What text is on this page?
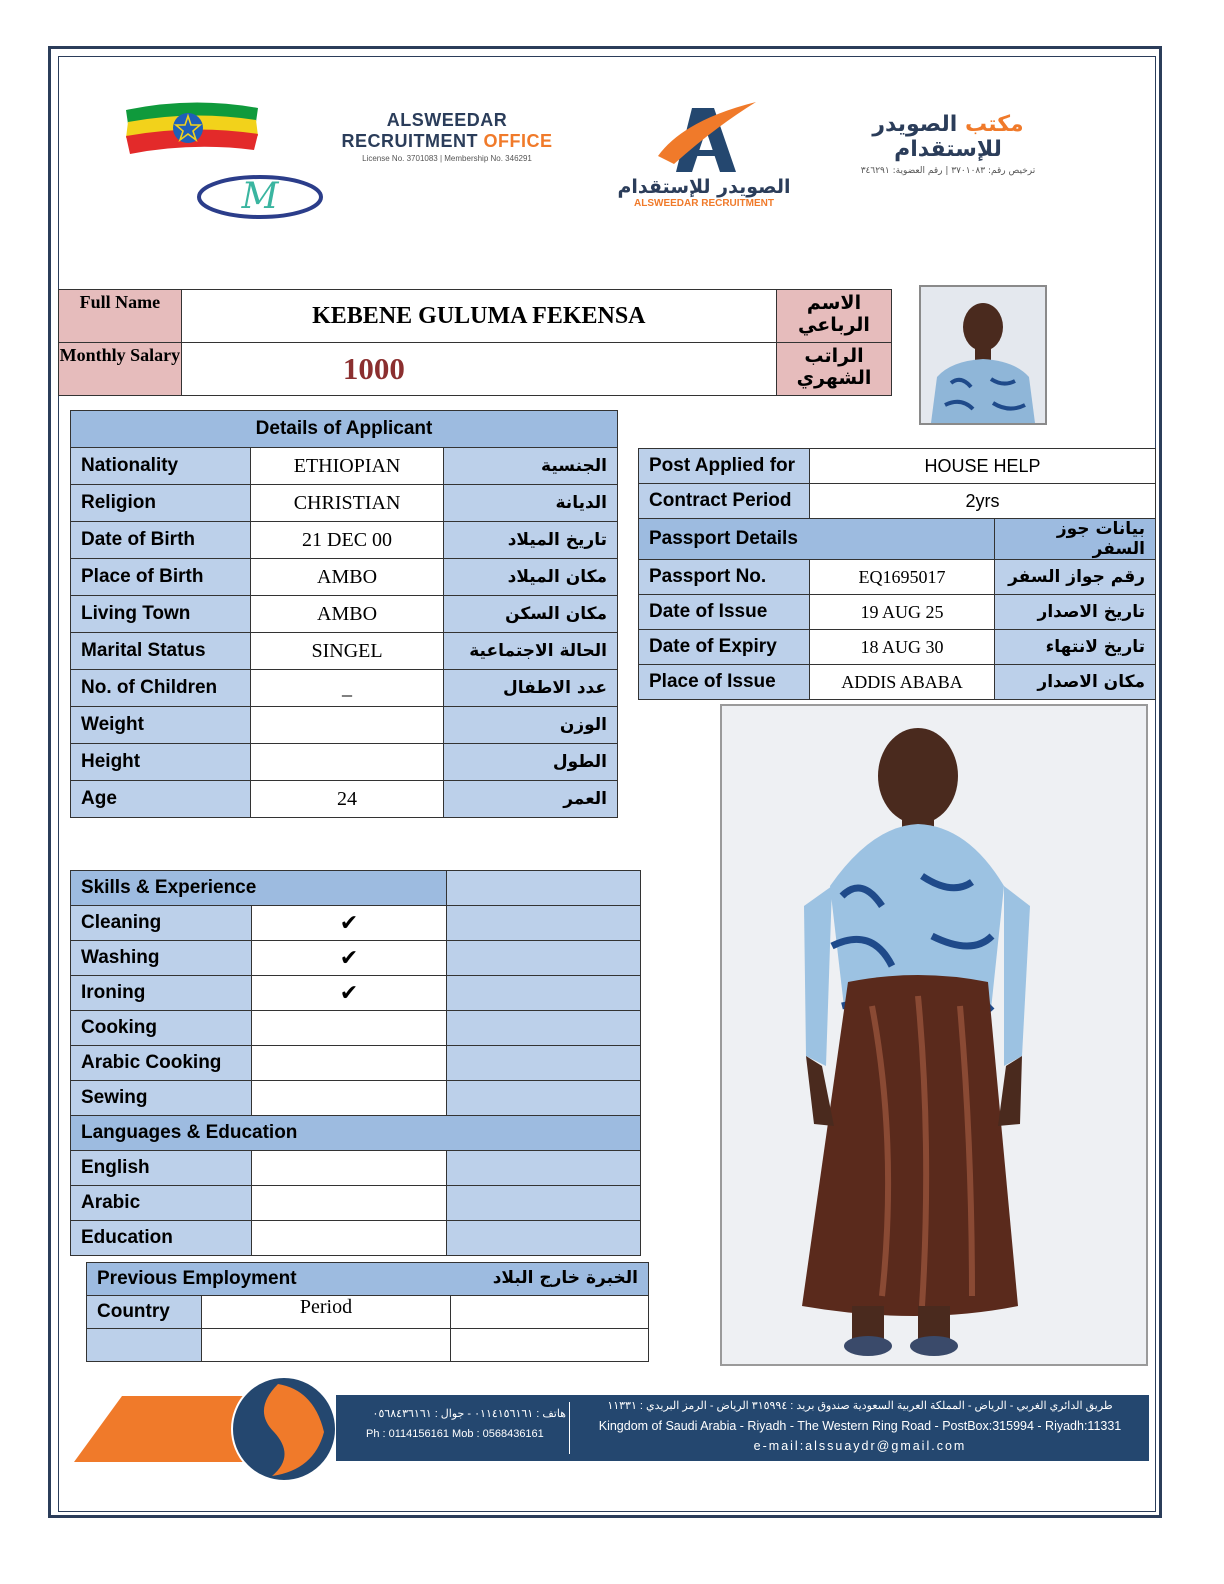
M
ALSWEEDAR
RECRUITMENT OFFICE
License No. 3701083 | Membership No. 346291
الصويدر للإستقدام
ALSWEEDAR RECRUITMENT
مكتب الصويدر للإستقدام
ترخيص رقم: ٣٧٠١٠٨٣ | رقم العضوية: ٣٤٦٢٩١
Full Name	KEBENE GULUMA FEKENSA	الاسم الرباعي
Monthly Salary	1000	الراتب الشهري
Details of Applicant		
Nationality	ETHIOPIAN	الجنسية
Religion	CHRISTIAN	الديانة
Date of Birth	21 DEC 00	تاريخ الميلاد
Place of Birth	AMBO	مكان الميلاد
Living Town	AMBO	مكان السكن
Marital Status	SINGEL	الحالة الاجتماعية
No. of Children	_	عدد الاطفال
Weight		الوزن
Height		الطول
Age	24	العمر
Post Applied for	HOUSE HELP	
Contract Period	2yrs	
Passport Details		بيانات جوز السفر
Passport No.	EQ1695017	رقم جواز السفر
Date of Issue	19 AUG 25	تاريخ الاصدار
Date of Expiry	18 AUG 30	تاريخ لانتهاء
Place of Issue	ADDIS ABABA	مكان الاصدار
Skills & Experience		
Cleaning	✔	
Washing	✔	
Ironing	✔	
Cooking		
Arabic Cooking		
Sewing		
Languages & Education		
English		
Arabic		
Education		
Previous Employment الخبرة خارج البلاد		

Country	Period	

هاتف : ٠١١٤١٥٦١٦١ - جوال : ٠٥٦٨٤٣٦١٦١
Ph : 0114156161 Mob : 0568436161
طريق الدائري الغربي - الرياض - المملكة العربية السعودية صندوق بريد : ٣١٥٩٩٤ الرياض - الرمز البريدي : ١١٣٣١
Kingdom of Saudi Arabia - Riyadh - The Western Ring Road - PostBox:315994 - Riyadh:11331
e-mail:alssuaydr@gmail.com
